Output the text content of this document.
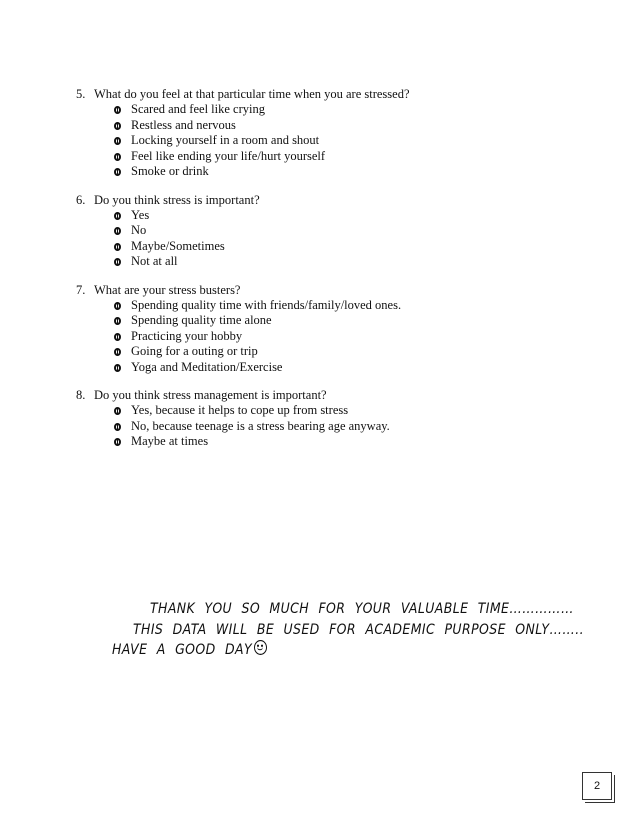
5. What do you feel at that particular time when you are stressed?
Scared and feel like crying
Restless and nervous
Locking yourself in a room and shout
Feel like ending your life/hurt yourself
Smoke or drink
6. Do you think stress is important?
Yes
No
Maybe/Sometimes
Not at all
7. What are your stress busters?
Spending quality time with friends/family/loved ones.
Spending quality time alone
Practicing your hobby
Going for a outing or trip
Yoga and Meditation/Exercise
8. Do you think stress management is important?
Yes, because it helps to cope up from stress
No, because teenage is a stress bearing age anyway.
Maybe at times
THANK YOU SO MUCH FOR YOUR VALUABLE TIME……………
THIS DATA WILL BE USED FOR ACADEMIC PURPOSE ONLY……..
HAVE A GOOD DAY
2
